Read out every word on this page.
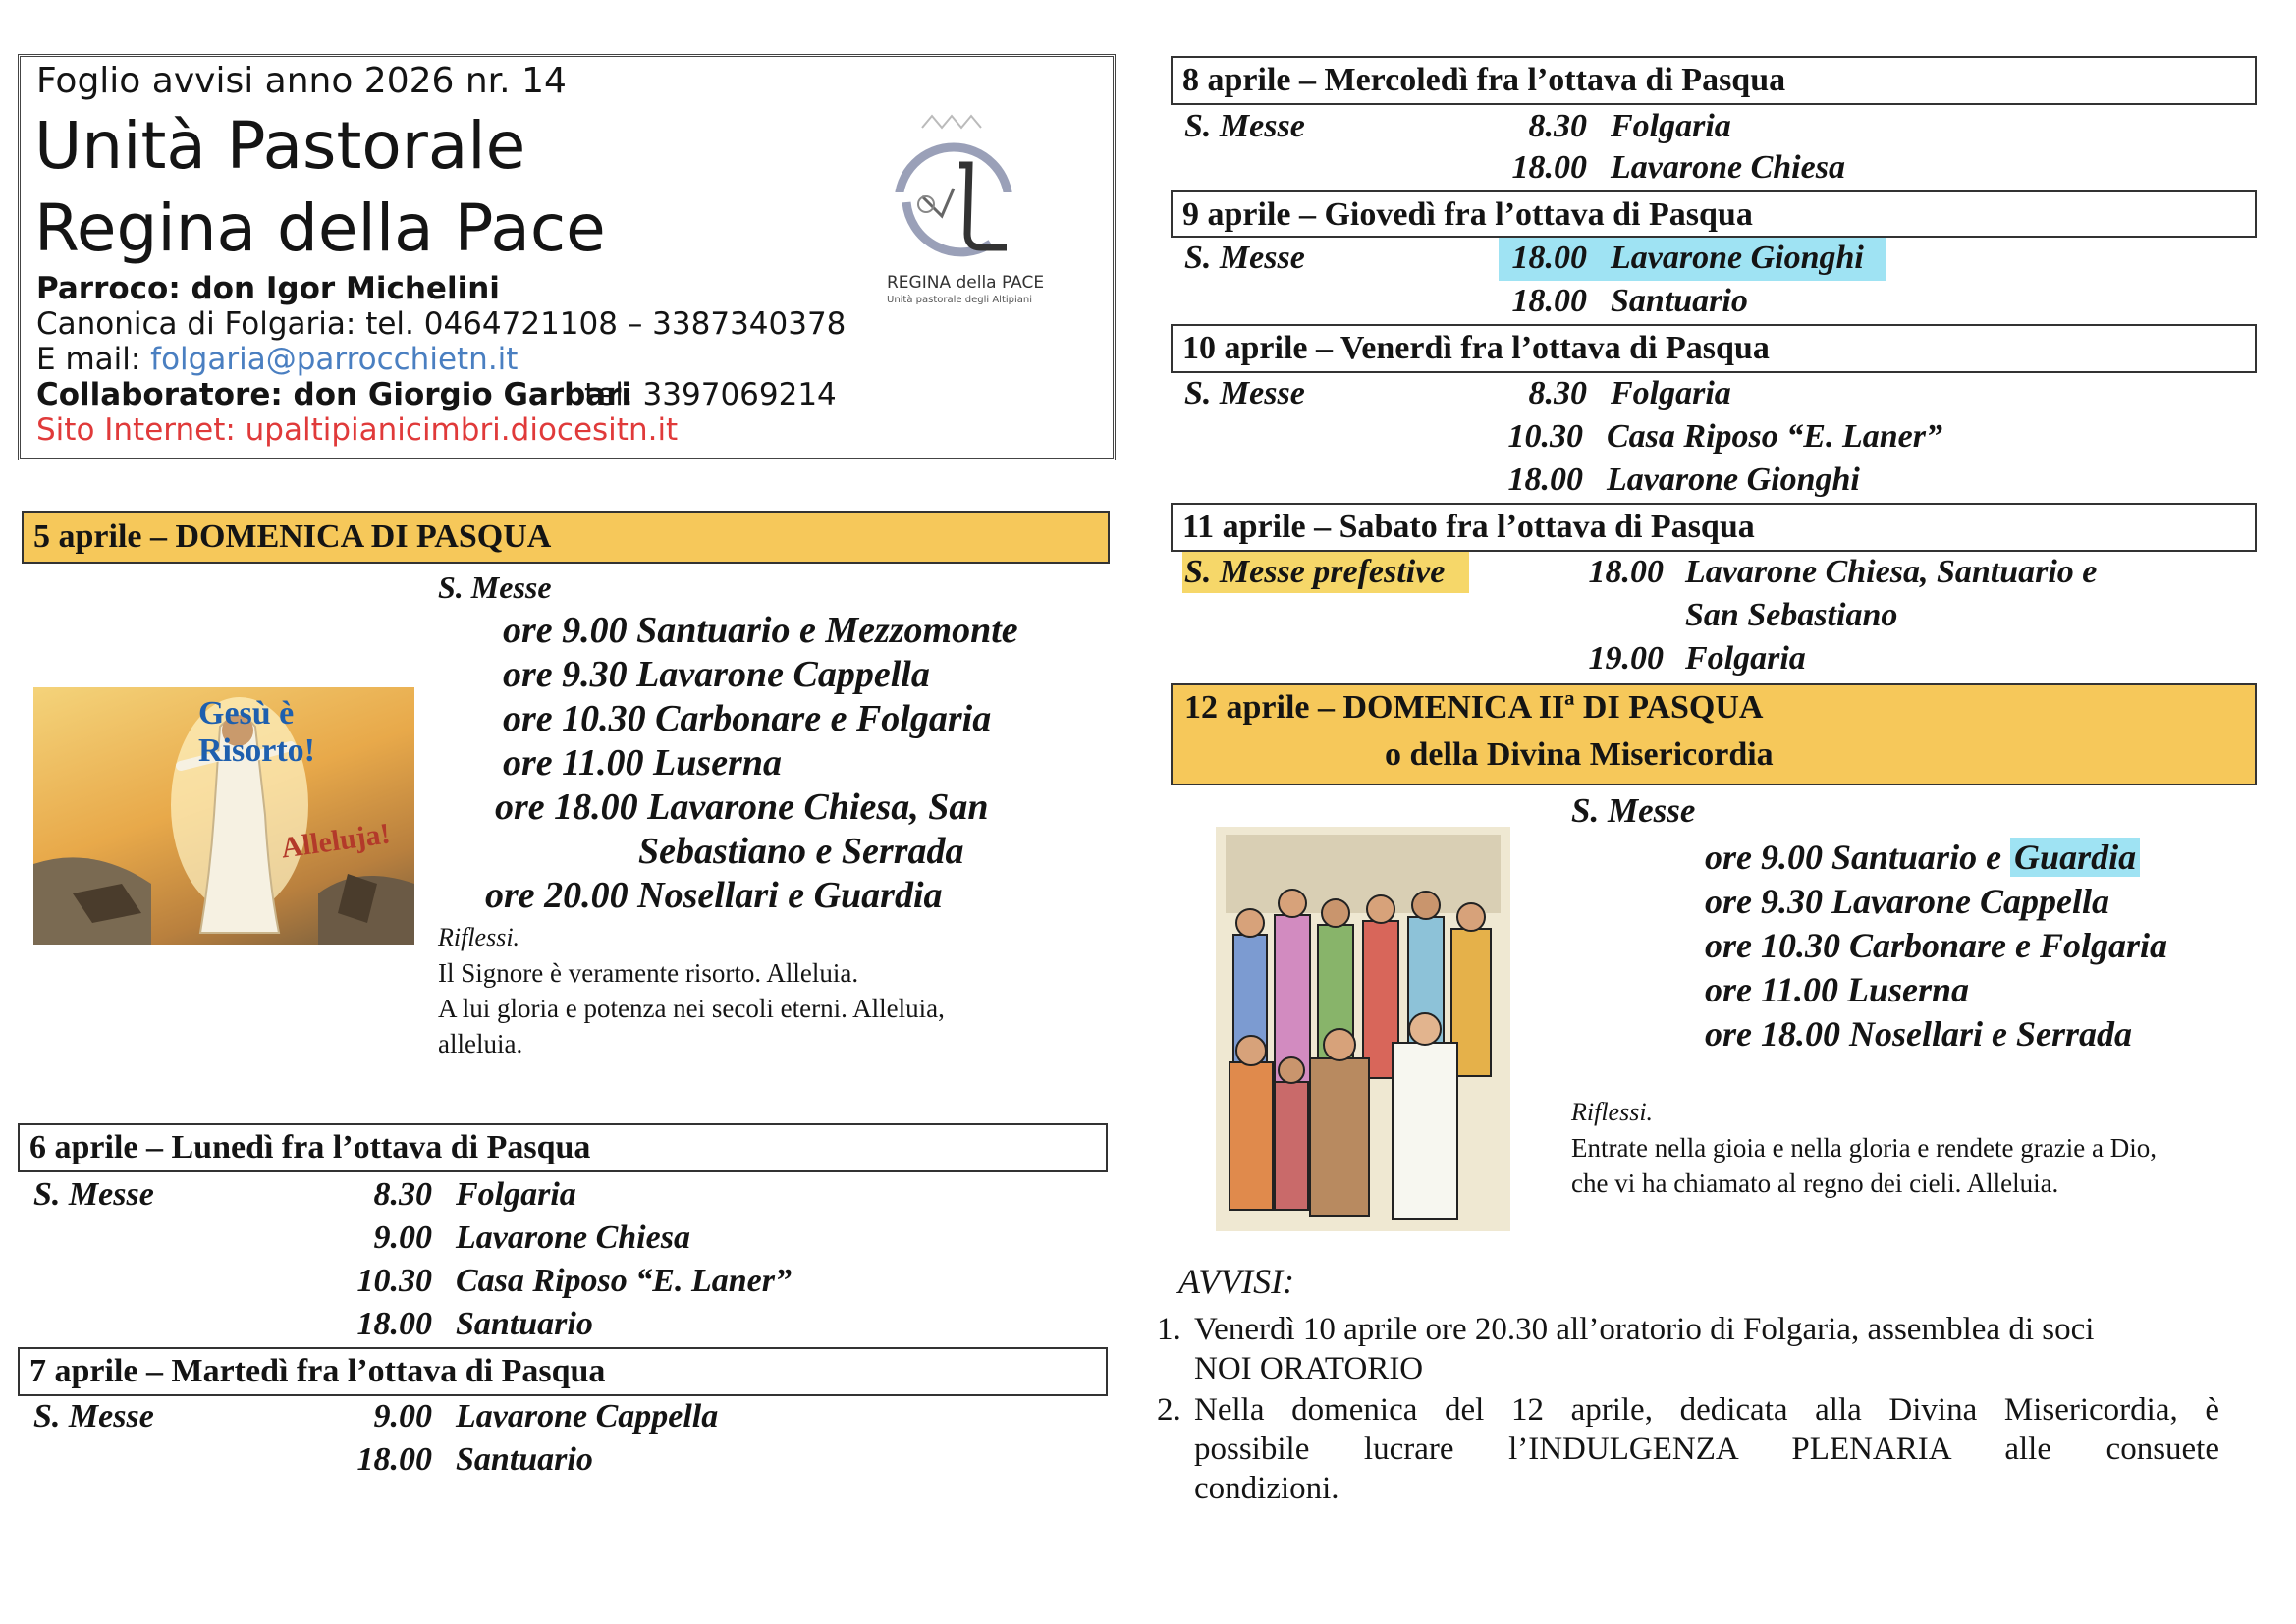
Foglio avvisi anno 2026 nr. 14
Unità Pastorale
Regina della Pace
Parroco: don Igor Michelini
Canonica di Folgaria: tel. 0464721108 – 3387340378
E mail: folgaria@parrocchietn.it
Collaboratore: don Giorgio Garbari
tel. 3397069214
Sito Internet: upaltipianicimbri.diocesitn.it
REGINA della PACE
Unità pastorale degli Altipiani
5 aprile – DOMENICA DI PASQUA
S. Messe
ore 9.00 Santuario e Mezzomonte
ore 9.30 Lavarone Cappella
ore 10.30 Carbonare e Folgaria
ore 11.00 Luserna
ore 18.00 Lavarone Chiesa, San
Sebastiano e Serrada
ore 20.00 Nosellari e Guardia
Gesù è Risorto!
Alleluja!
Riflessi.
Il Signore è veramente risorto. Alleluia.
A lui gloria e potenza nei secoli eterni. Alleluia,
alleluia.
6 aprile – Lunedì fra l’ottava di Pasqua
S. Messe	8.30 Folgaria
9.00 Lavarone Chiesa
10.30 Casa Riposo “E. Laner”
18.00 Santuario
7 aprile – Martedì fra l’ottava di Pasqua
S. Messe	9.00 Lavarone Cappella
18.00 Santuario
8 aprile – Mercoledì fra l’ottava di Pasqua
S. Messe	8.30 Folgaria
18.00 Lavarone Chiesa
9 aprile – Giovedì fra l’ottava di Pasqua
S. Messe	18.00 Lavarone Gionghi
18.00 Santuario
10 aprile – Venerdì fra l’ottava di Pasqua
S. Messe	8.30 Folgaria
10.30 Casa Riposo “E. Laner”
18.00 Lavarone Gionghi
11 aprile – Sabato fra l’ottava di Pasqua
S. Messe prefestive	18.00 Lavarone Chiesa, Santuario e
San Sebastiano
19.00 Folgaria
12 aprile – DOMENICA IIª DI PASQUA
o della Divina Misericordia
S. Messe
ore 9.00 Santuario e Guardia
ore 9.30 Lavarone Cappella
ore 10.30 Carbonare e Folgaria
ore 11.00 Luserna
ore 18.00 Nosellari e Serrada
Riflessi.
Entrate nella gioia e nella gloria e rendete grazie a Dio,
che vi ha chiamato al regno dei cieli. Alleluia.
AVVISI:
1. Venerdì 10 aprile ore 20.30 all’oratorio di Folgaria, assemblea di soci
NOI ORATORIO
2. Nella domenica del 12 aprile, dedicata alla Divina Misericordia, è
possibile lucrare l’INDULGENZA PLENARIA alle consuete
condizioni.
